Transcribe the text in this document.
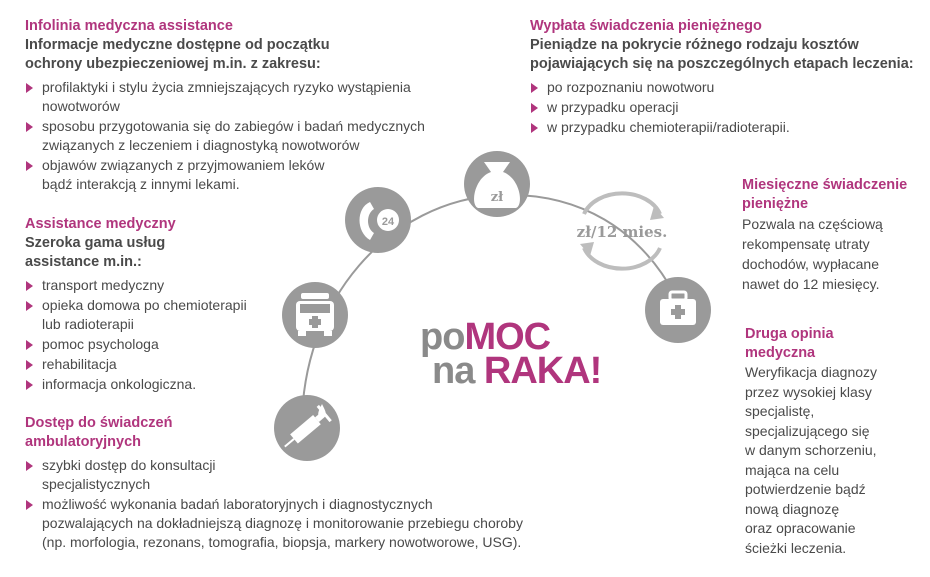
zł
24
zł/12 mies.
Infolinia medyczna assistance
Informacje medyczne dostępne od początku
ochrony ubezpieczeniowej m.in. z zakresu:
profilaktyki i stylu życia zmniejszających ryzyko wystąpienia
nowotworów
sposobu przygotowania się do zabiegów i badań medycznych
związanych z leczeniem i diagnostyką nowotworów
objawów związanych z przyjmowaniem leków
bądź interakcją z innymi lekami.
Assistance medyczny
Szeroka gama usług
assistance m.in.:
transport medyczny
opieka domowa po chemioterapii
lub radioterapii
pomoc psychologa
rehabilitacja
informacja onkologiczna.
Dostęp do świadczeń
ambulatoryjnych
szybki dostęp do konsultacji
specjalistycznych
możliwość wykonania badań laboratoryjnych i diagnostycznych
pozwalających na dokładniejszą diagnozę i monitorowanie przebiegu choroby
(np. morfologia, rezonans, tomografia, biopsja, markery nowotworowe, USG).
Wypłata świadczenia pieniężnego
Pieniądze na pokrycie różnego rodzaju kosztów
pojawiających się na poszczególnych etapach leczenia:
po rozpoznaniu nowotworu
w przypadku operacji
w przypadku chemioterapii/radioterapii.
Miesięczne świadczenie
pieniężne
Pozwala na częściową
rekompensatę utraty
dochodów, wypłacane
nawet do 12 miesięcy.
Druga opinia
medyczna
Weryfikacja diagnozy
przez wysokiej klasy
specjalistę,
specjalizującego się
w danym schorzeniu,
mająca na celu
potwierdzenie bądź
nową diagnozę
oraz opracowanie
ścieżki leczenia.
poMOC
na RAKA!
